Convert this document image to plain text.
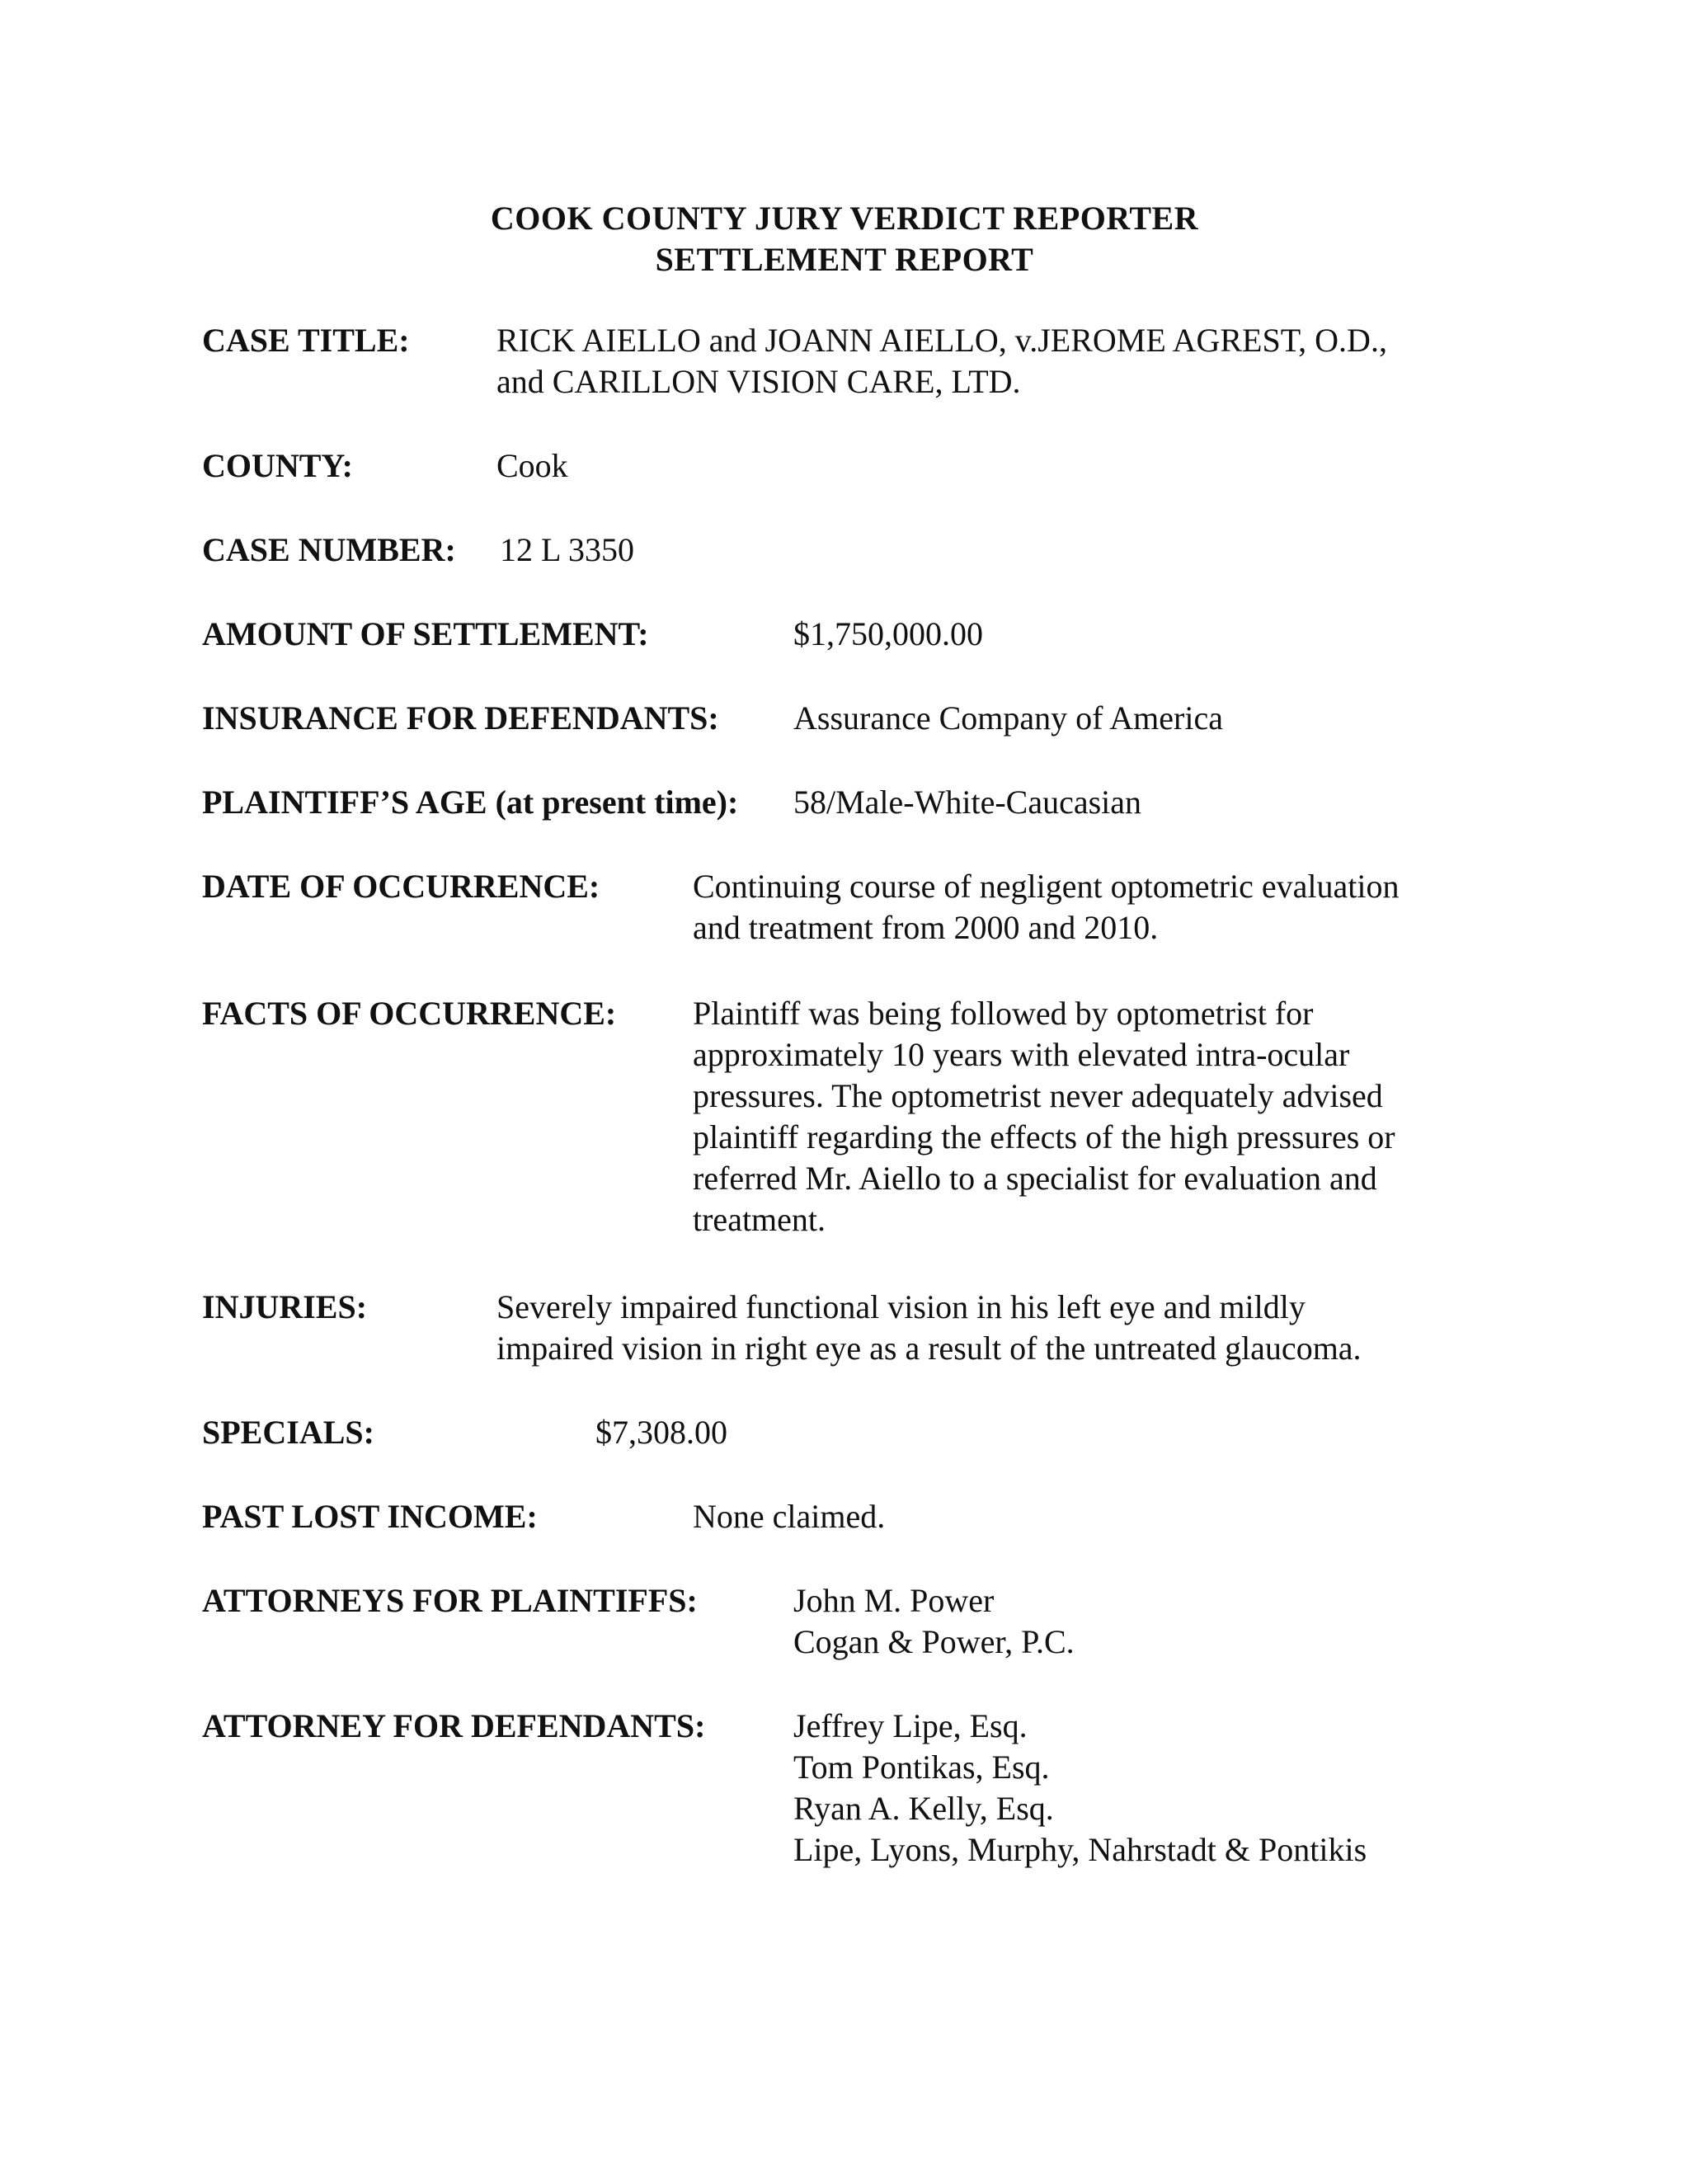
COOK COUNTY JURY VERDICT REPORTER
SETTLEMENT REPORT
CASE TITLE:	RICK AIELLO and JOANN AIELLO, v.JEROME AGREST, O.D.,
and CARILLON VISION CARE, LTD.
COUNTY:	Cook
CASE NUMBER: 12 L 3350
AMOUNT OF SETTLEMENT:	$1,750,000.00
INSURANCE FOR DEFENDANTS: Assurance Company of America
PLAINTIFF’S AGE (at present time): 58/Male-White-Caucasian
DATE OF OCCURRENCE:	Continuing course of negligent optometric evaluation
and treatment from 2000 and 2010.
FACTS OF OCCURRENCE: Plaintiff was being followed by optometrist for
approximately 10 years with elevated intra-ocular
pressures. The optometrist never adequately advised
plaintiff regarding the effects of the high pressures or
referred Mr. Aiello to a specialist for evaluation and
treatment.
INJURIES:	Severely impaired functional vision in his left eye and mildly
impaired vision in right eye as a result of the untreated glaucoma.
SPECIALS:	$7,308.00
PAST LOST INCOME:	None claimed.
ATTORNEYS FOR PLAINTIFFS:	John M. Power
Cogan & Power, P.C.
ATTORNEY FOR DEFENDANTS:	Jeffrey Lipe, Esq.
Tom Pontikas, Esq.
Ryan A. Kelly, Esq.
Lipe, Lyons, Murphy, Nahrstadt & Pontikis
